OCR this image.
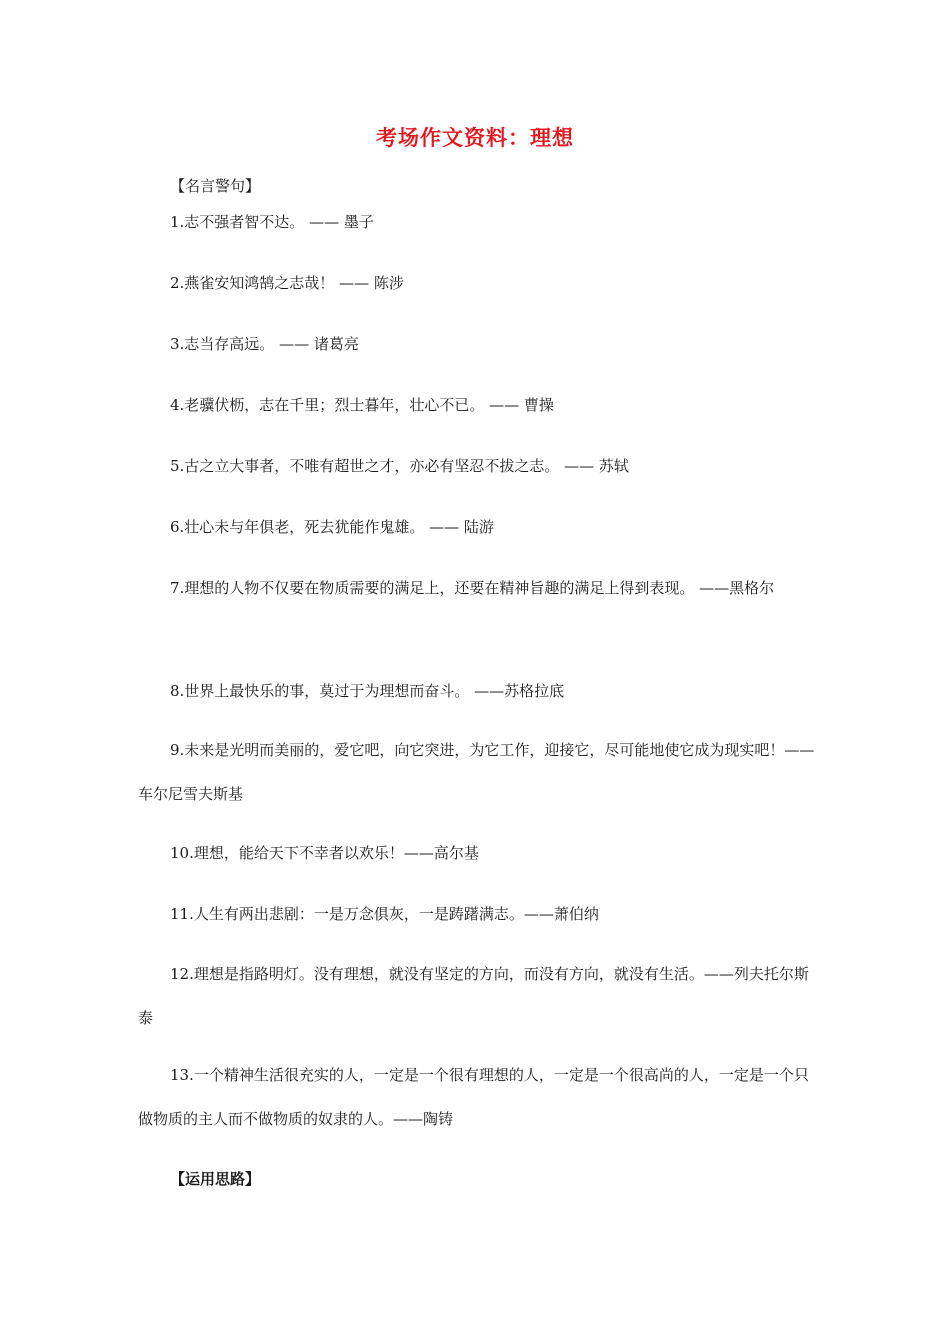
考场作文资料：理想
【名言警句】

1.志不强者智不达。 —— 墨子

2.燕雀安知鸿鹄之志哉！ —— 陈涉

3.志当存高远。 —— 诸葛亮

4.老骥伏枥，志在千里；烈士暮年，壮心不已。 —— 曹操

5.古之立大事者，不唯有超世之才，亦必有坚忍不拔之志。 —— 苏轼

6.壮心未与年俱老，死去犹能作鬼雄。 —— 陆游

7.理想的人物不仅要在物质需要的满足上，还要在精神旨趣的满足上得到表现。 ——黑格尔

8.世界上最快乐的事，莫过于为理想而奋斗。 ——苏格拉底

9.未来是光明而美丽的，爱它吧，向它突进，为它工作，迎接它，尽可能地使它成为现实吧！——车尔尼雪夫斯基

10.理想，能给天下不幸者以欢乐！——高尔基

11.人生有两出悲剧：一是万念俱灰，一是踌躇满志。——萧伯纳

12.理想是指路明灯。没有理想，就没有坚定的方向，而没有方向，就没有生活。——列夫托尔斯泰

13.一个精神生活很充实的人，一定是一个很有理想的人，一定是一个很高尚的人，一定是一个只做物质的主人而不做物质的奴隶的人。——陶铸

【运用思路】
